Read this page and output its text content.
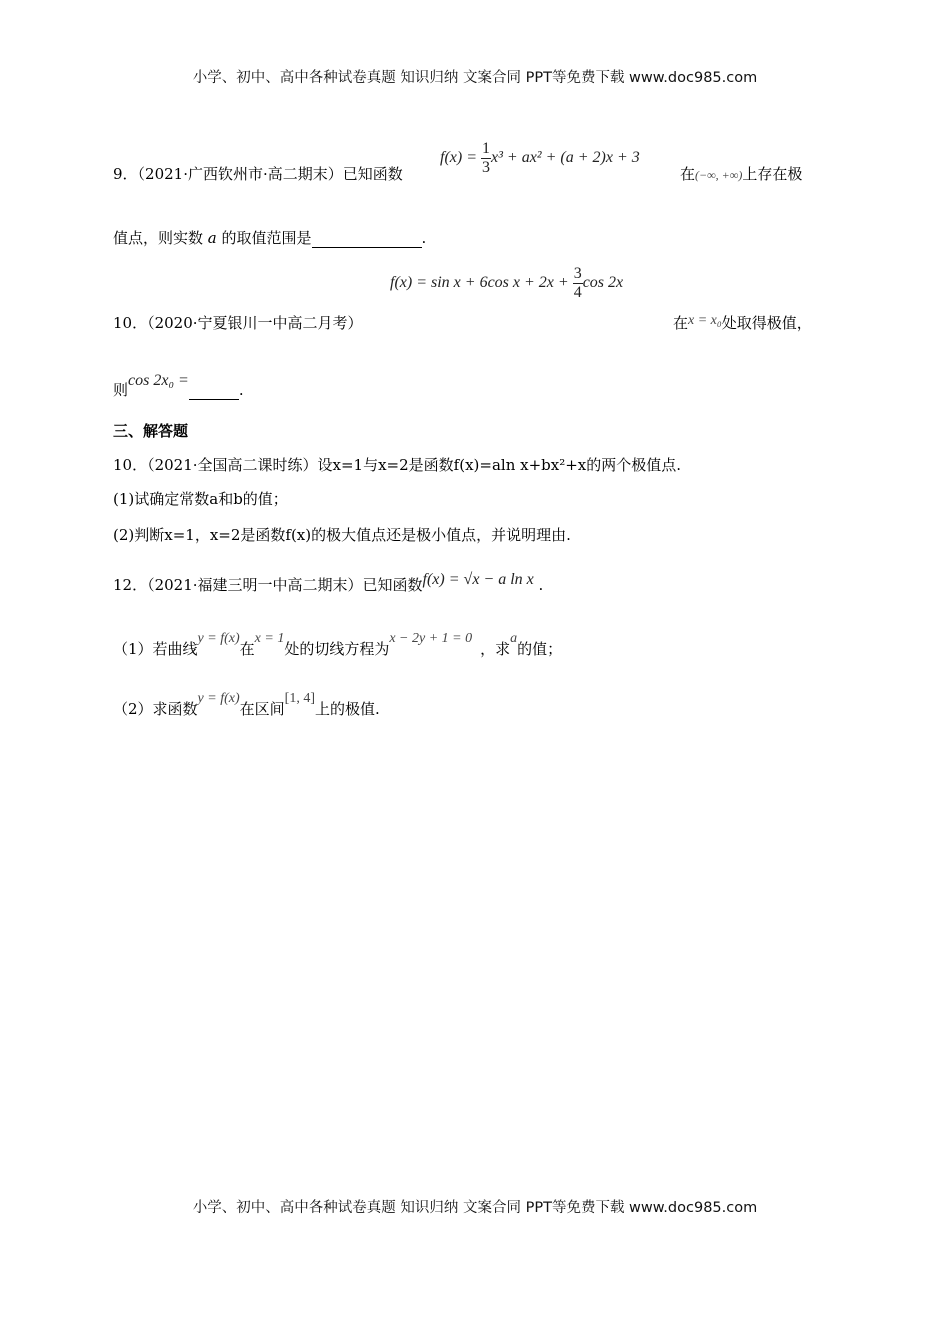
小学、初中、高中各种试卷真题 知识归纳 文案合同 PPT等免费下载 www.doc985.com
9．（2021·广西钦州市·高二期末）已知函数
$f(x) = \frac{1}{3} x^3 + ax^2 + (a + 2)x + 3$
在(−∞, +∞)上存在极
值点，则实数 a 的取值范围是	.
10．（2020·宁夏银川一中高二月考）
f(x) = sin x + 6cos $x + 2x + \frac{3}{4}$ cos 2x
在x = x₀处取得极值，
则cos 2x₀ = .
三、解答题
10．（2021·全国高二课时练）设x=1与x=2是函数f(x)=aln x+bx²+x的两个极值点.
(1)试确定常数a和b的值；
(2)判断x=1，x=2是函数f(x)的极大值点还是极小值点，并说明理由.
12．（2021·福建三明一中高二期末）已知函数f(x) = √x − a ln x .
（1）若曲线y = f(x)在x = 1处的切线方程为x − 2y + 1 = 0，求a的值；
（2）求函数y = f(x)在区间[1, 4]上的极值.
小学、初中、高中各种试卷真题 知识归纳 文案合同 PPT等免费下载 www.doc985.com
